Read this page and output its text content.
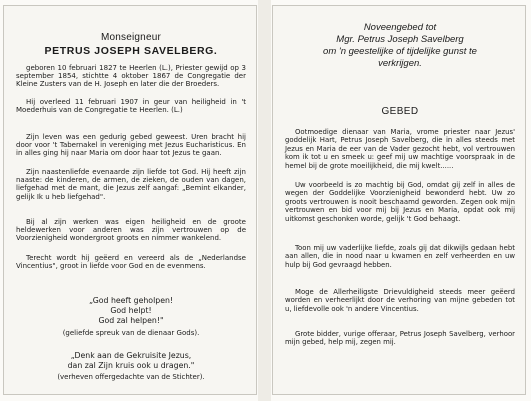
Monseigneur
PETRUS JOSEPH SAVELBERG.

geboren 10 februari 1827 te Heerlen (L.), Priester gewijd op 3 september 1854, stichtte 4 oktober 1867 de Congregatie der Kleine Zusters van de H. Joseph en later die der Broeders.

Hij overleed 11 februari 1907 in geur van heiligheid in 't Moederhuis van de Congregatie te Heerlen. (L.)

Zijn leven was een gedurig gebed geweest. Uren bracht hij door voor 't Tabernakel in vereniging met Jezus Eucharisticus. En in alles ging hij naar Maria om door haar tot Jezus te gaan.

Zijn naastenliefde evenaarde zijn liefde tot God. Hij heeft zijn naaste: de kinderen, de armen, de zieken, de ouden van dagen, liefgehad met de mant, die Jezus zelf aangaf: „Bemint elkander, gelijk Ik u heb liefgehad".

Bij al zijn werken was eigen heiligheid en de groote heldewerken voor anderen was zijn vertrouwen op de Voorzienigheid wondergroot groots en nimmer wankelend.

Terecht wordt hij geëerd en vereerd als de „Nederlandse Vincentius", groot in liefde voor God en de evenmens.

„God heeft geholpen!
God helpt!
God zal helpen!"
(geliefde spreuk van de dienaar Gods).
„Denk aan de Gekruisite Jezus,
dan zal Zijn kruis ook u dragen."
(verheven offergedachte van de Stichter).
Noveengebed tot
Mgr. Petrus Joseph Savelberg
om 'n geestelijke of tijdelijke gunst te
verkrijgen.
GEBED

Ootmoedige dienaar van Maria, vrome priester naar Jezus' goddelijk Hart, Petrus Joseph Savelberg, die in alles steeds met Jezus en Maria de eer van de Vader gezocht hebt, vol vertrouwen kom ik tot u en smeek u: geef mij uw machtige voorspraak in de hemel bij de grote moeilijkheid, die mij kwelt......

Uw voorbeeld is zo machtig bij God, omdat gij zelf in alles de wegen der Goddelijke Voorzienigheid bewonderd hebt. Uw zo groots vertrouwen is nooit beschaamd geworden. Zegen ook mijn vertrouwen en bid voor mij bij Jezus en Maria, opdat ook mij uitkomst geschonken worde, gelijk 't God behaagt.

Toon mij uw vaderlijke liefde, zoals gij dat dikwijls gedaan hebt aan allen, die in nood naar u kwamen en zelf verheerden en uw hulp bij God gevraagd hebben.

Moge de Allerheiligste Drievuldigheid steeds meer geëerd worden en verheerlijkt door de verhoring van mijne gebeden tot u, liefdevolle ook 'n andere Vincentius.

Grote bidder, vurige offeraar, Petrus Joseph Savelberg, verhoor mijn gebed, help mij, zegen mij.
